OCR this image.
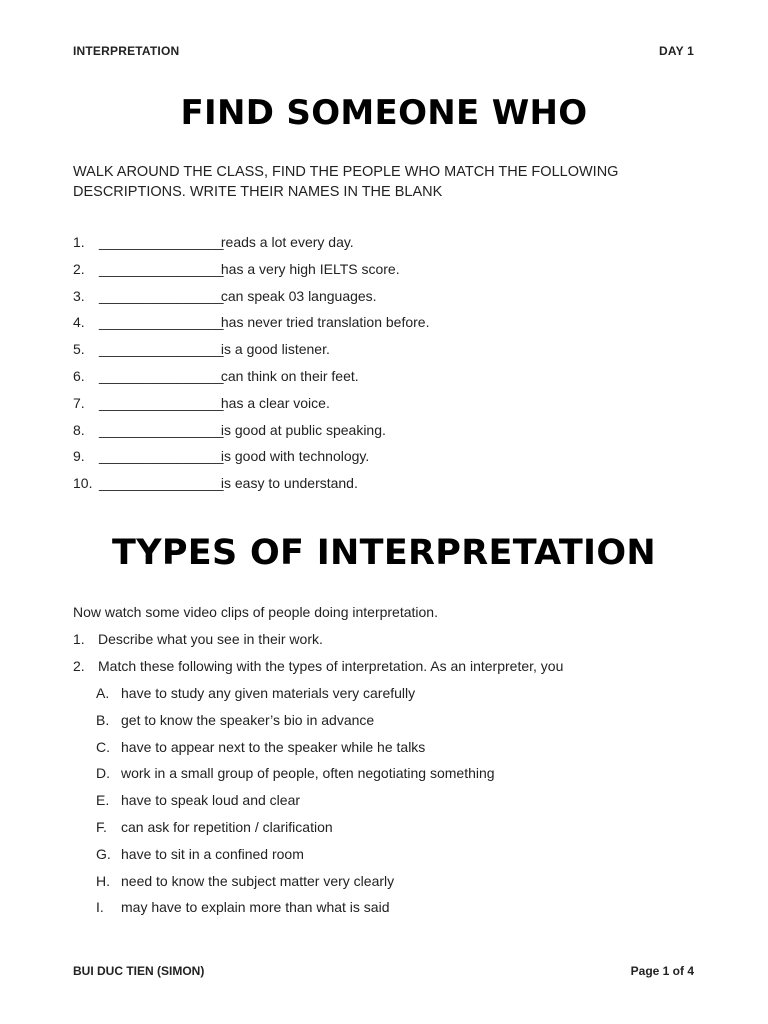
INTERPRETATION	DAY 1
FIND SOMEONE WHO

WALK AROUND THE CLASS, FIND THE PEOPLE WHO MATCH THE FOLLOWING DESCRIPTIONS. WRITE THEIR NAMES IN THE BLANK

1.	________________

reads a lot every day.
2.	________________

has a very high IELTS score.
3.	________________

can speak 03 languages.
4.	________________

has never tried translation before.
5.	________________

is a good listener.
6.	________________

can think on their feet.
7.	________________

has a clear voice.
8.	________________

is good at public speaking.
9.	________________

is good with technology.
10. ________________

is easy to understand.
TYPES OF INTERPRETATION

Now watch some video clips of people doing interpretation.

1. Describe what you see in their work.
2. Match these following with the types of interpretation. As an interpreter, you
A. have to study any given materials very carefully
B. get to know the speaker’s bio in advance
C. have to appear next to the speaker while he talks
D. work in a small group of people, often negotiating something
E. have to speak loud and clear
F.	can ask for repetition / clarification
G. have to sit in a confined room
H. need to know the subject matter very clearly
I.	may have to explain more than what is said
BUI DUC TIEN (SIMON)	Page 1 of 4
